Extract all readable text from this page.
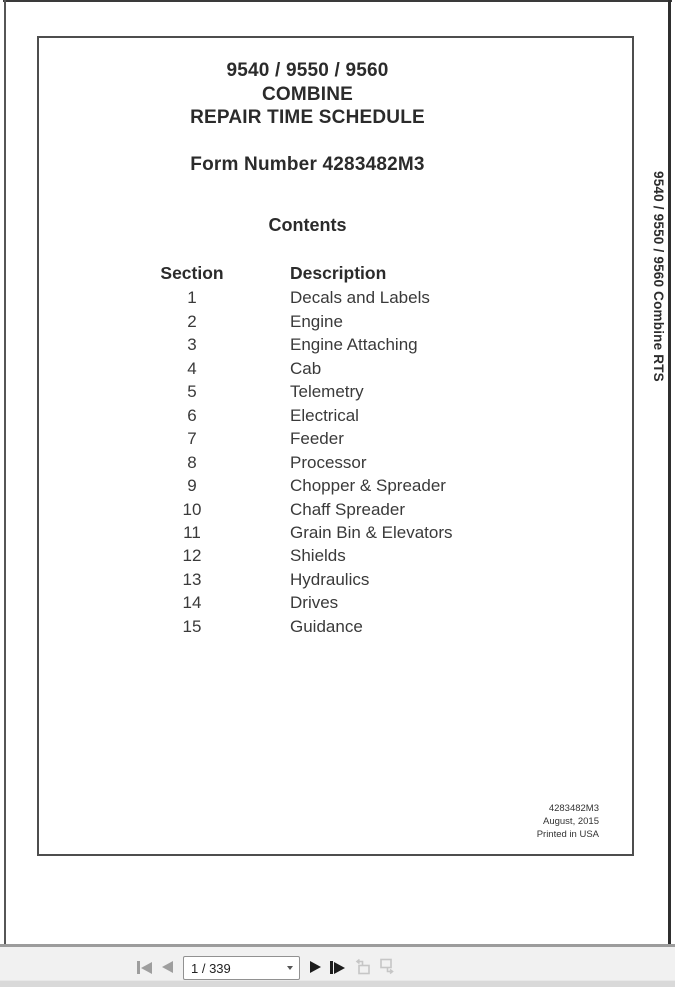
9540 / 9550 / 9560
COMBINE
REPAIR TIME SCHEDULE
Form Number 4283482M3
Contents
Section	Description
1	Decals and Labels
2	Engine
3	Engine Attaching
4	Cab
5	Telemetry
6	Electrical
7	Feeder
8	Processor
9	Chopper & Spreader
10	Chaff Spreader
11	Grain Bin & Elevators
12	Shields
13	Hydraulics
14	Drives
15	Guidance
4283482M3
August, 2015
Printed in USA
9540 / 9550 / 9560 Combine RTS
1 / 339
